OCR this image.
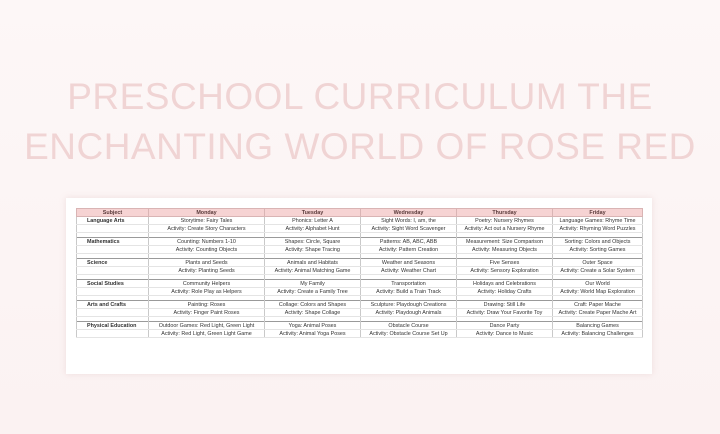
PRESCHOOL CURRICULUM THE
ENCHANTING WORLD OF ROSE RED
Subject	Monday	Tuesday	Wednesday	Thursday	Friday
Language Arts	Storytime: Fairy Tales	Phonics: Letter A	Sight Words: I, am, the	Poetry: Nursery Rhymes	Language Games: Rhyme Time
	Activity: Create Story Characters	Activity: Alphabet Hunt	Activity: Sight Word Scavenger	Activity: Act out a Nursery Rhyme	Activity: Rhyming Word Puzzles

Mathematics	Counting: Numbers 1-10	Shapes: Circle, Square	Patterns: AB, ABC, ABB	Measurement: Size Comparison	Sorting: Colors and Objects
	Activity: Counting Objects	Activity: Shape Tracing	Activity: Pattern Creation	Activity: Measuring Objects	Activity: Sorting Games

Science	Plants and Seeds	Animals and Habitats	Weather and Seasons	Five Senses	Outer Space
	Activity: Planting Seeds	Activity: Animal Matching Game	Activity: Weather Chart	Activity: Sensory Exploration	Activity: Create a Solar System

Social Studies	Community Helpers	My Family	Transportation	Holidays and Celebrations	Our World
	Activity: Role Play as Helpers	Activity: Create a Family Tree	Activity: Build a Train Track	Activity: Holiday Crafts	Activity: World Map Exploration

Arts and Crafts	Painting: Roses	Collage: Colors and Shapes	Sculpture: Playdough Creations	Drawing: Still Life	Craft: Paper Mache
	Activity: Finger Paint Roses	Activity: Shape Collage	Activity: Playdough Animals	Activity: Draw Your Favorite Toy	Activity: Create Paper Mache Art

Physical Education	Outdoor Games: Red Light, Green Light	Yoga: Animal Poses	Obstacle Course	Dance Party	Balancing Games
	Activity: Red Light, Green Light Game	Activity: Animal Yoga Poses	Activity: Obstacle Course Set Up	Activity: Dance to Music	Activity: Balancing Challenges
